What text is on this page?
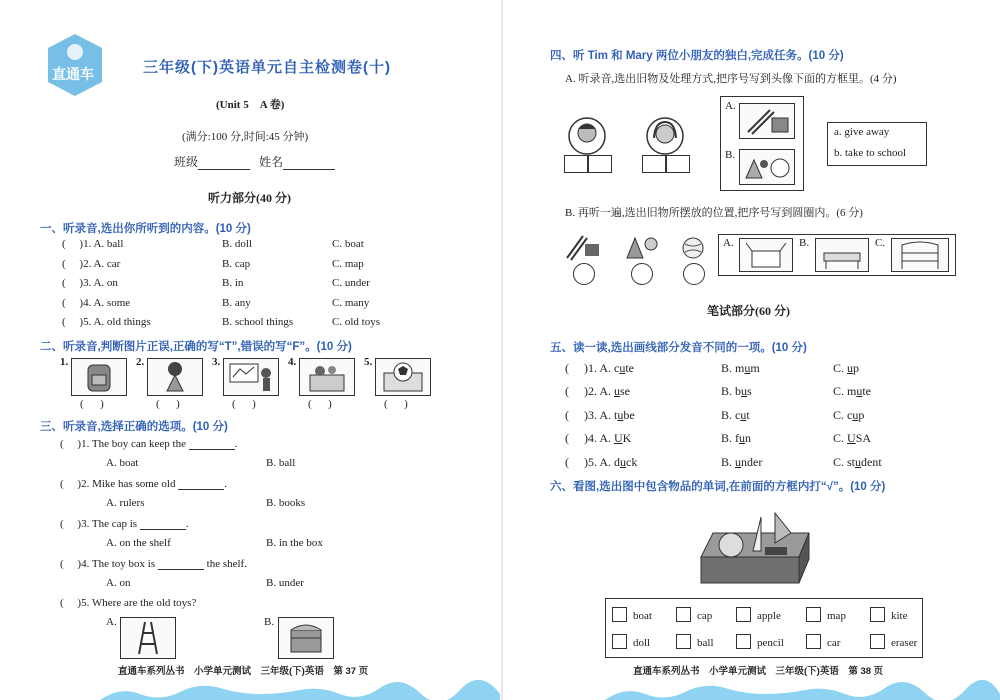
直通车	三年级(下)英语单元自主检测卷(十)
(Unit 5　A 卷)
(满分:100 分,时间:45 分钟)
班级	姓名
听力部分(40 分)
一、听录音,选出你所听到的内容。(10 分)
(     )1. A. ball	B. doll	C. boat
(     )2. A. car	B. cap	C. map
(     )3. A. on	B. in	C. under
(     )4. A. some	B. any	C. many
(     )5. A. old things	B. school things	C. old toys
二、听录音,判断图片正误,正确的写“T”,错误的写“F”。(10 分)
1.
(      )
2.
(      )
3.
(      )
4.
(      )
5.
(      )
三、听录音,选择正确的选项。(10 分)
(     )1. The boy can keep the	.
A. boat	B. ball
(     )2. Mike has some old	.
A. rulers	B. books
(     )3. The cap is	.
A. on the shelf	B. in the box
(     )4. The toy box is	the shelf.
A. on	B. under
(     )5. Where are the old toys?
A.	B.
直通车系列丛书　小学单元测试　三年级(下)英语　第 37 页
四、听 Tim 和 Mary 两位小朋友的独白,完成任务。(10 分)
A. 听录音,选出旧物及处理方式,把序号写到头像下面的方框里。(4 分)
A.
B.
a. give away
b. take to school
B. 再听一遍,选出旧物所摆放的位置,把序号写到圆圈内。(6 分)
A.	B.	C.
笔试部分(60 分)
五、读一读,选出画线部分发音不同的一项。(10 分)
(     )1. A. cute	B. mum	C. up
(     )2. A. use	B. bus	C. mute
(     )3. A. tube	B. cut	C. cup
(     )4. A. UK	B. fun	C. USA
(     )5. A. duck	B. under	C. student
六、看图,选出图中包含物品的单词,在前面的方框内打“√”。(10 分)
boat	cap	apple	map	kite
doll	ball	pencil	car	eraser
直通车系列丛书　小学单元测试　三年级(下)英语　第 38 页
